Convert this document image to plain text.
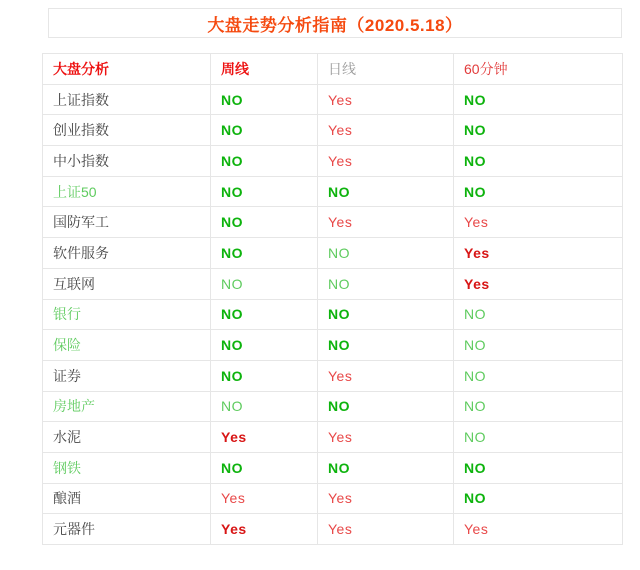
大盘走势分析指南（2020.5.18）
大盘分析	周线	日线	60分钟
上证指数	NO	Yes	NO
创业指数	NO	Yes	NO
中小指数	NO	Yes	NO
上证50	NO	NO	NO
国防军工	NO	Yes	Yes
软件服务	NO	NO	Yes
互联网	NO	NO	Yes
银行	NO	NO	NO
保险	NO	NO	NO
证券	NO	Yes	NO
房地产	NO	NO	NO
水泥	Yes	Yes	NO
钢铁	NO	NO	NO
酿酒	Yes	Yes	NO
元器件	Yes	Yes	Yes
